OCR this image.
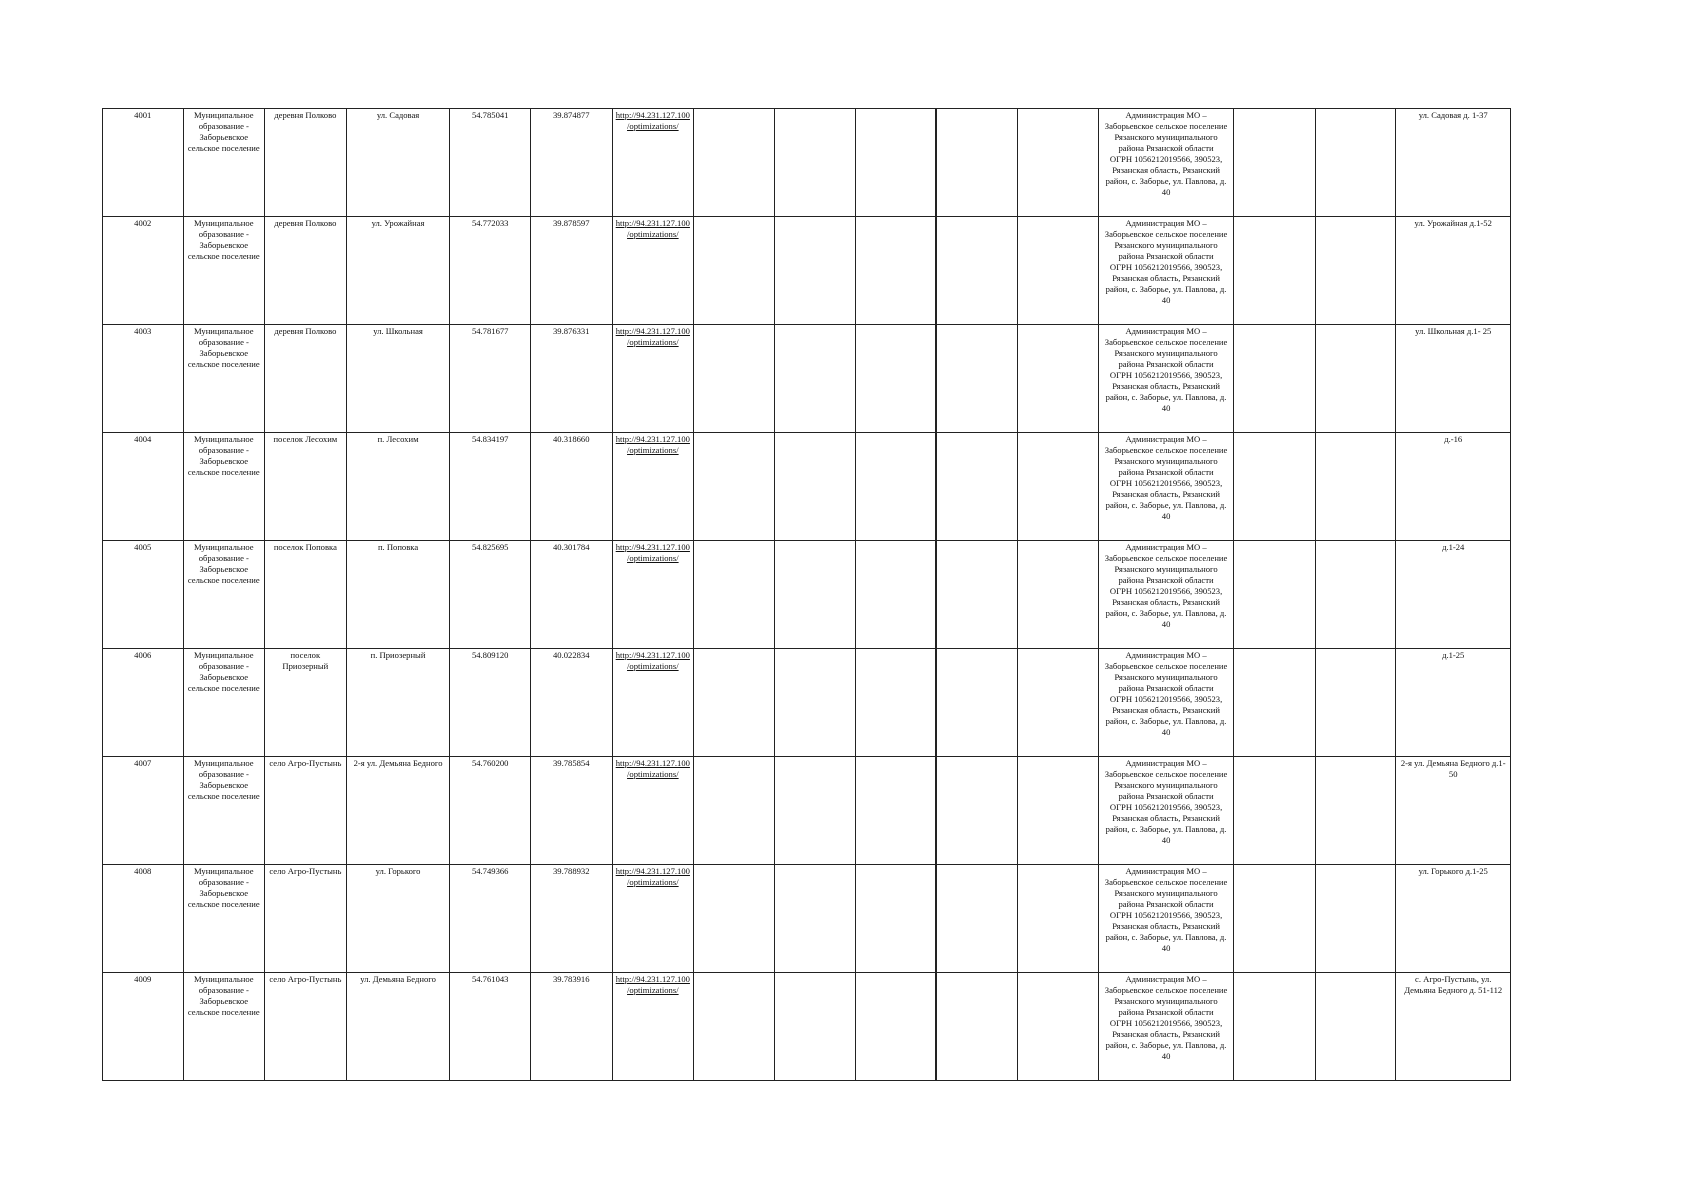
4001	Муниципальное образование - Заборьевское сельское поселение	деревня Полково	ул. Садовая	54.785041	39.874877	http://94.231.127.100/optimizations/						Администрация МО – Заборьевское сельское поселение Рязанского муниципального района Рязанской области
ОГРН 1056212019566, 390523, Рязанская область, Рязанский район, с. Заборье, ул. Павлова, д. 40			ул. Садовая д. 1-37
4002	Муниципальное образование - Заборьевское сельское поселение	деревня Полково	ул. Урожайная	54.772033	39.878597	http://94.231.127.100/optimizations/						Администрация МО – Заборьевское сельское поселение Рязанского муниципального района Рязанской области
ОГРН 1056212019566, 390523, Рязанская область, Рязанский район, с. Заборье, ул. Павлова, д. 40			ул. Урожайная д.1-52
4003	Муниципальное образование - Заборьевское сельское поселение	деревня Полково	ул. Школьная	54.781677	39.876331	http://94.231.127.100/optimizations/						Администрация МО – Заборьевское сельское поселение Рязанского муниципального района Рязанской области
ОГРН 1056212019566, 390523, Рязанская область, Рязанский район, с. Заборье, ул. Павлова, д. 40			ул. Школьная д.1- 25
4004	Муниципальное образование - Заборьевское сельское поселение	поселок Лесохим	п. Лесохим	54.834197	40.318660	http://94.231.127.100/optimizations/						Администрация МО – Заборьевское сельское поселение Рязанского муниципального района Рязанской области
ОГРН 1056212019566, 390523, Рязанская область, Рязанский район, с. Заборье, ул. Павлова, д. 40			д.-16
4005	Муниципальное образование - Заборьевское сельское поселение	поселок Поповка	п. Поповка	54.825695	40.301784	http://94.231.127.100/optimizations/						Администрация МО – Заборьевское сельское поселение Рязанского муниципального района Рязанской области
ОГРН 1056212019566, 390523, Рязанская область, Рязанский район, с. Заборье, ул. Павлова, д. 40			д.1-24
4006	Муниципальное образование - Заборьевское сельское поселение	поселок Приозерный	п. Приозерный	54.809120	40.022834	http://94.231.127.100/optimizations/						Администрация МО – Заборьевское сельское поселение Рязанского муниципального района Рязанской области
ОГРН 1056212019566, 390523, Рязанская область, Рязанский район, с. Заборье, ул. Павлова, д. 40			д.1-25
4007	Муниципальное образование - Заборьевское сельское поселение	село Агро-Пустынь	2-я ул. Демьяна Бедного	54.760200	39.785854	http://94.231.127.100/optimizations/						Администрация МО – Заборьевское сельское поселение Рязанского муниципального района Рязанской области
ОГРН 1056212019566, 390523, Рязанская область, Рязанский район, с. Заборье, ул. Павлова, д. 40			2-я ул. Демьяна Бедного д.1-50
4008	Муниципальное образование - Заборьевское сельское поселение	село Агро-Пустынь	ул. Горького	54.749366	39.788932	http://94.231.127.100/optimizations/						Администрация МО – Заборьевское сельское поселение Рязанского муниципального района Рязанской области
ОГРН 1056212019566, 390523, Рязанская область, Рязанский район, с. Заборье, ул. Павлова, д. 40			ул. Горького д.1-25
4009	Муниципальное образование - Заборьевское сельское поселение	село Агро-Пустынь	ул. Демьяна Бедного	54.761043	39.783916	http://94.231.127.100/optimizations/						Администрация МО – Заборьевское сельское поселение Рязанского муниципального района Рязанской области
ОГРН 1056212019566, 390523, Рязанская область, Рязанский район, с. Заборье, ул. Павлова, д. 40			с. Агро-Пустынь, ул. Демьяна Бедного д. 51-112
